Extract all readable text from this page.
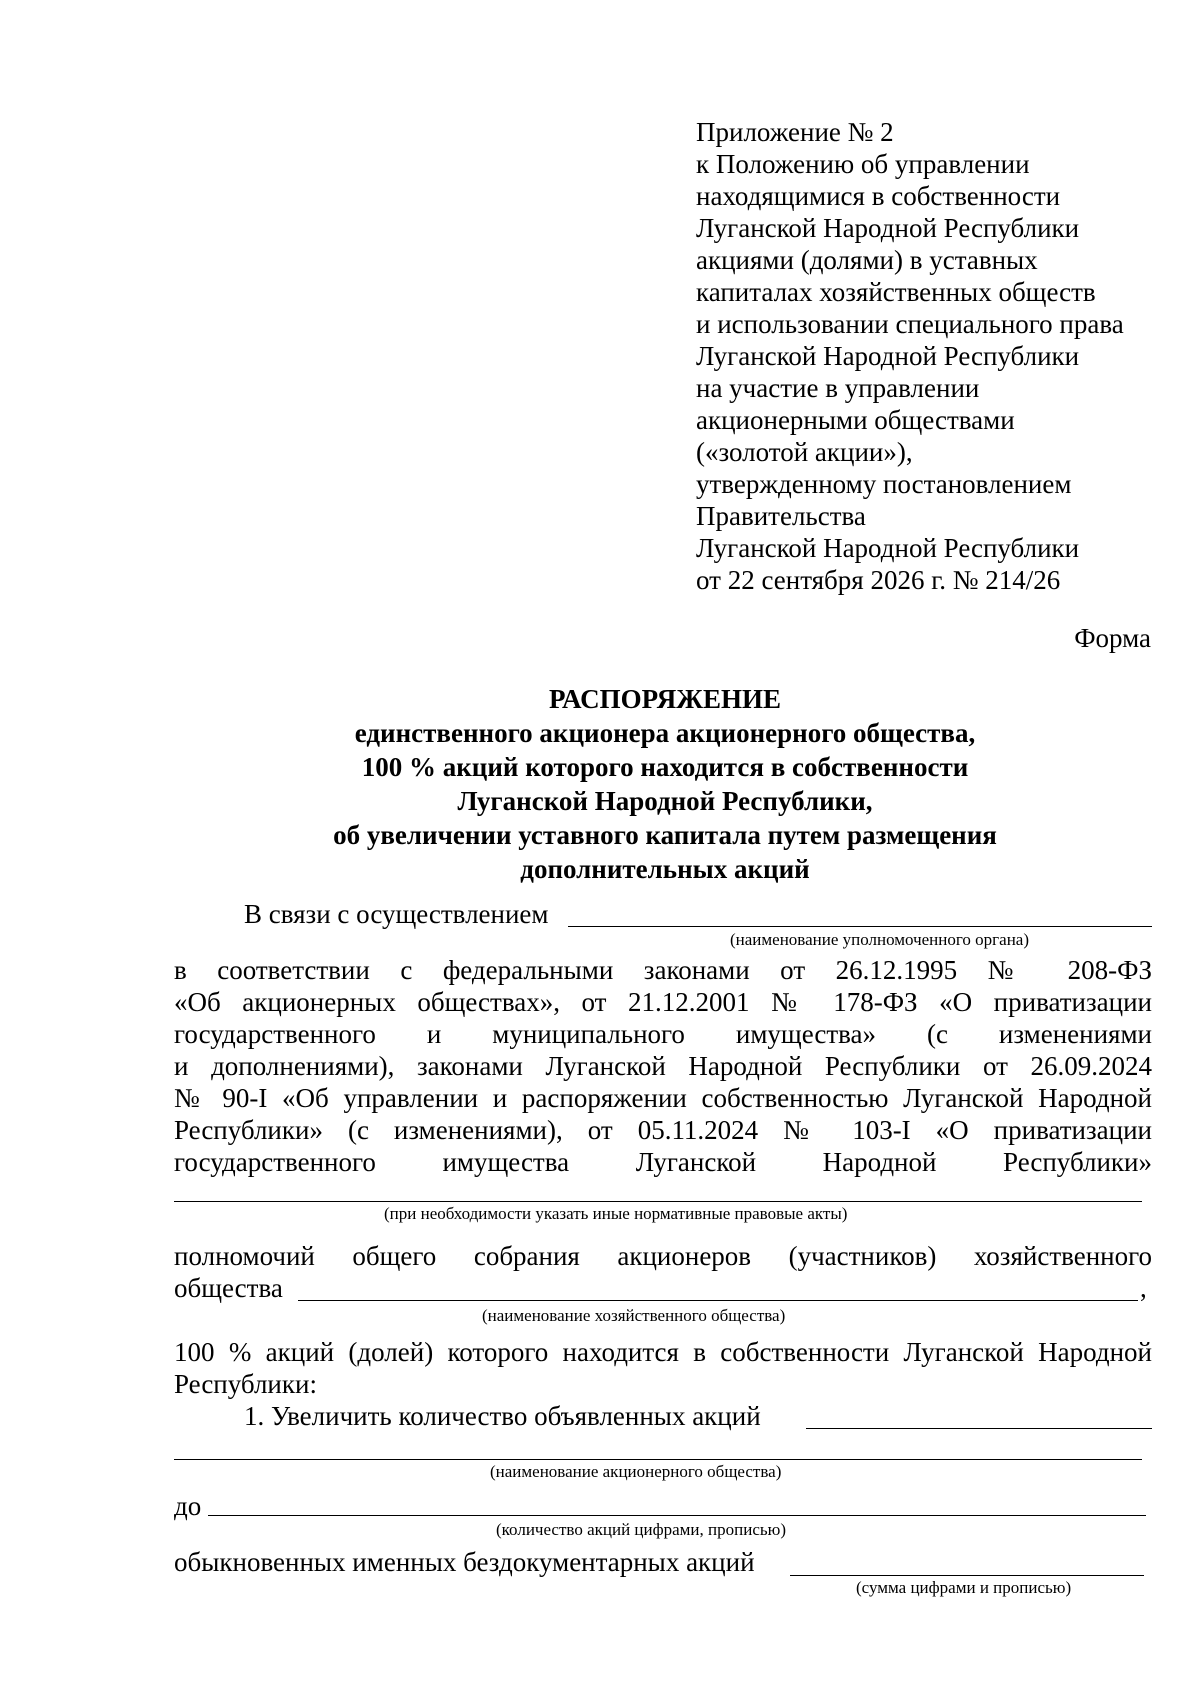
Приложение № 2
к Положению об управлении
находящимися в собственности
Луганской Народной Республики
акциями (долями) в уставных
капиталах хозяйственных обществ
и использовании специального права
Луганской Народной Республики
на участие в управлении
акционерными обществами
(«золотой акции»),
утвержденному постановлением
Правительства
Луганской Народной Республики
от 22 сентября 2026 г. № 214/26
Форма
РАСПОРЯЖЕНИЕ
единственного акционера акционерного общества,
100 % акций которого находится в собственности
Луганской Народной Республики,
об увеличении уставного капитала путем размещения
дополнительных акций
В связи с осуществлением
(наименование уполномоченного органа)
в соответствии с федеральными законами от 26.12.1995 № 208-ФЗ
«Об акционерных обществах», от 21.12.2001 № 178-ФЗ «О приватизации
государственного и муниципального имущества» (с изменениями
и дополнениями), законами Луганской Народной Республики от 26.09.2024
№ 90-I «Об управлении и распоряжении собственностью Луганской Народной
Республики» (с изменениями), от 05.11.2024 № 103-I «О приватизации
государственного имущества Луганской Народной Республики»
(при необходимости указать иные нормативные правовые акты)
полномочий общего собрания акционеров (участников) хозяйственного
общества	,
(наименование хозяйственного общества)
100 % акций (долей) которого находится в собственности Луганской Народной
Республики:
1. Увеличить количество объявленных акций
(наименование акционерного общества)
до
(количество акций цифрами, прописью)
обыкновенных именных бездокументарных акций
(сумма цифрами и прописью)
